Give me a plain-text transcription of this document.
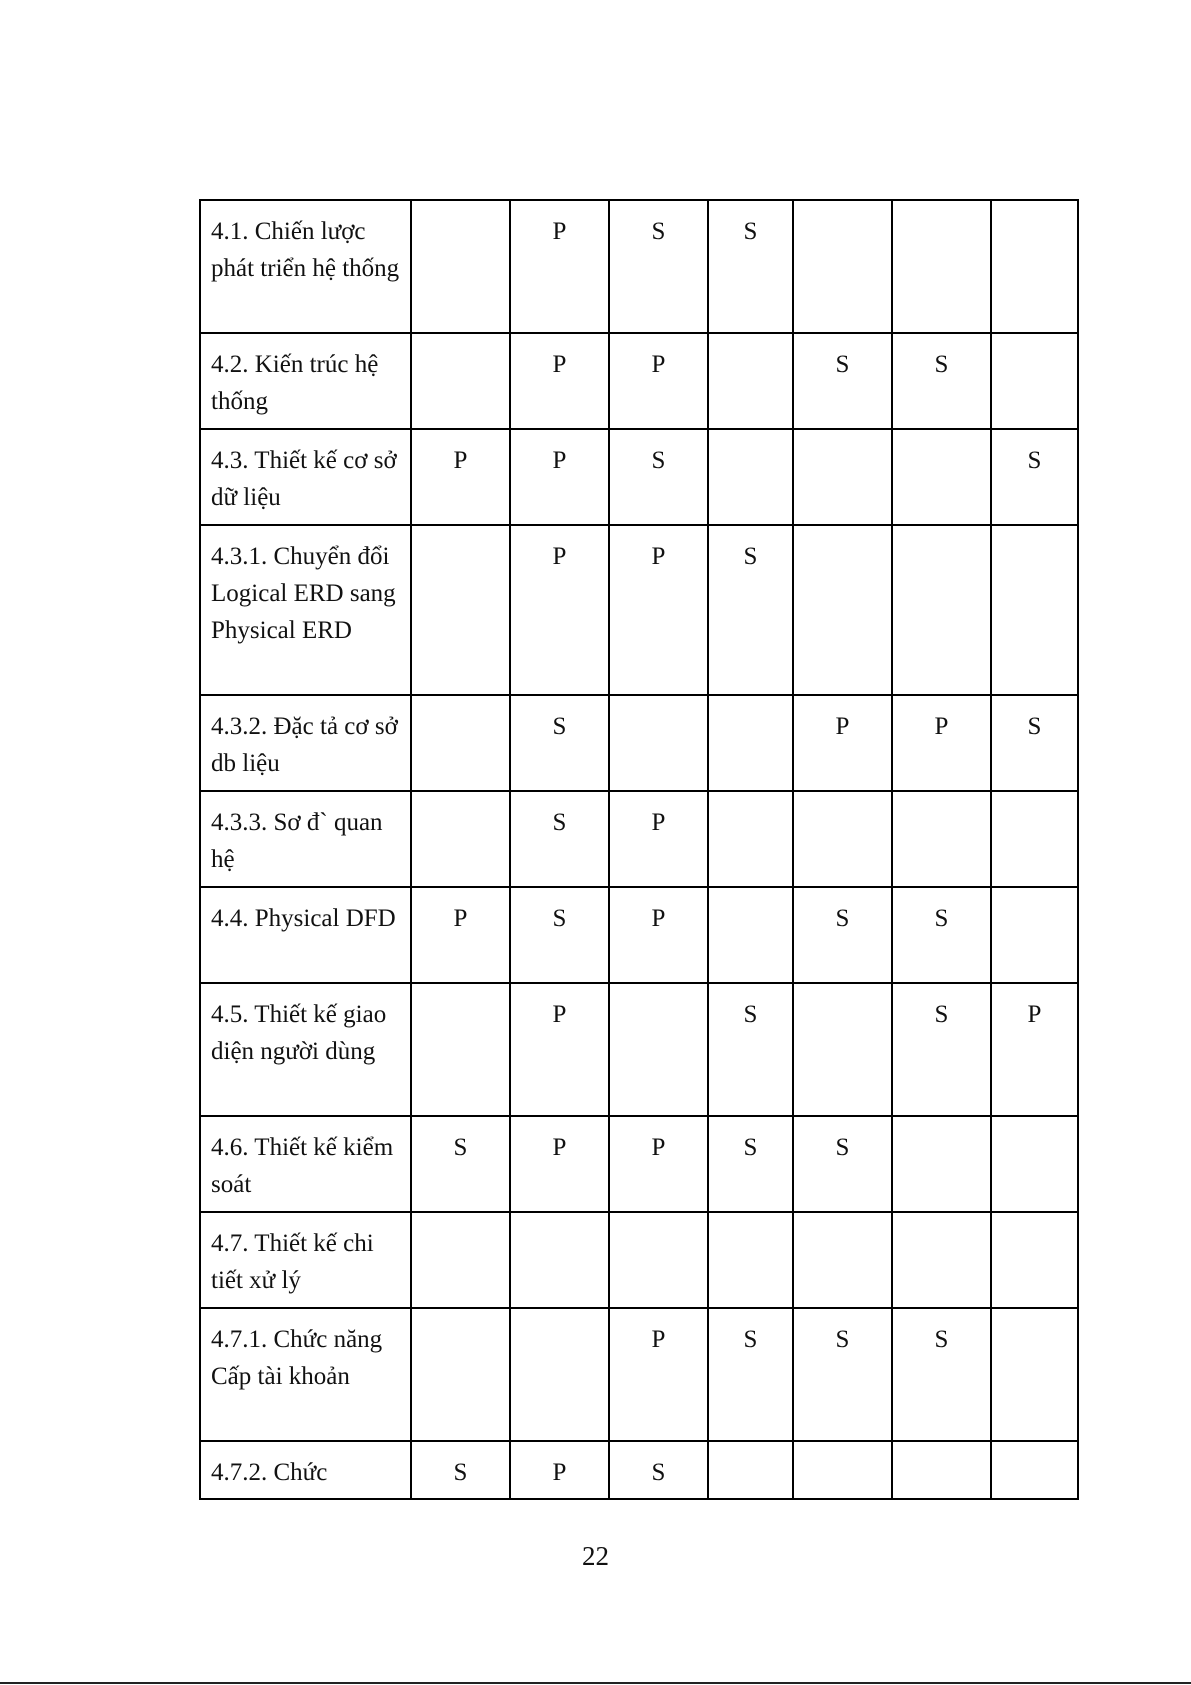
4.1. Chiến lược phát triển hệ thống		P	S	S			
4.2. Kiến trúc hệ thống		P	P		S	S	
4.3. Thiết kế cơ sở dữ liệu	P	P	S				S
4.3.1. Chuyển đổi Logical ERD sang Physical ERD		P	P	S			
4.3.2. Đặc tả cơ sở db liệu		S			P	P	S
4.3.3. Sơ đ` quan hệ		S	P				
4.4. Physical DFD	P	S	P		S	S	
4.5. Thiết kế giao diện người dùng		P		S		S	P
4.6. Thiết kế kiểm soát	S	P	P	S	S		
4.7. Thiết kế chi tiết xử lý							
4.7.1. Chức năng Cấp tài khoản			P	S	S	S	
4.7.2. Chức	S	P	S				
22
